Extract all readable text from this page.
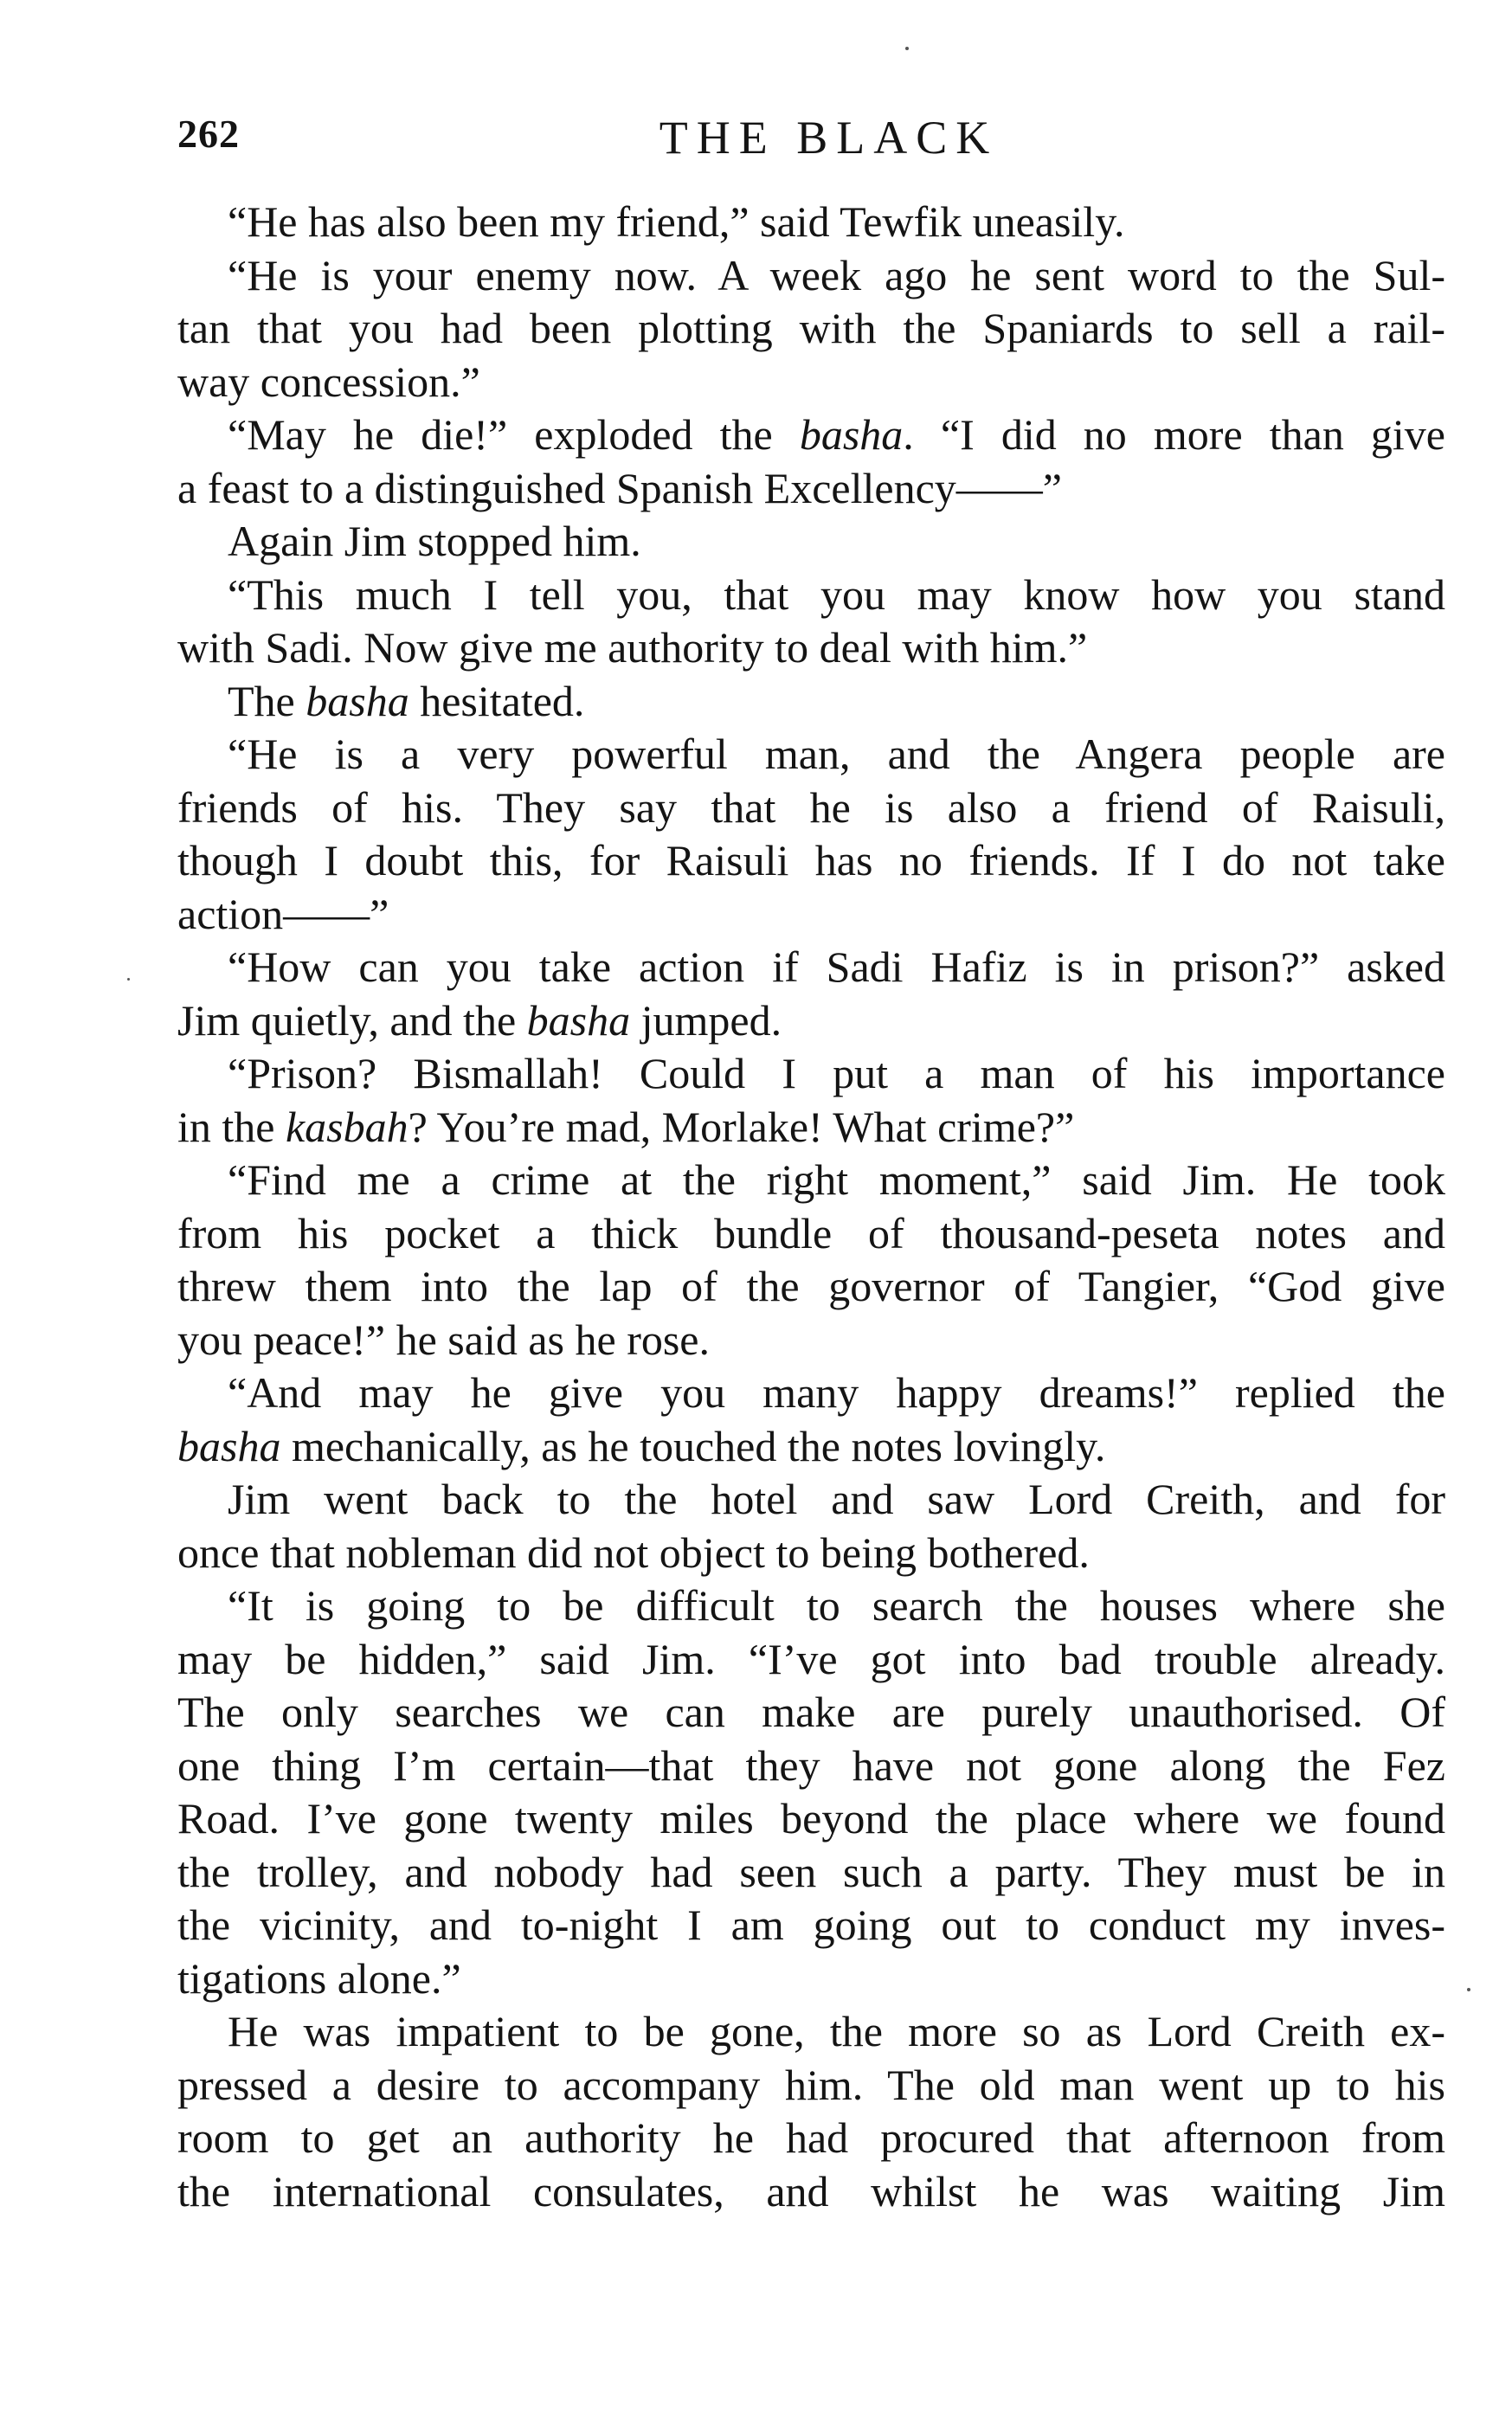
262	THE BLACK
“He has also been my friend,” said Tewfik uneasily.
“He is your enemy now. A week ago he sent word to the Sul-
tan that you had been plotting with the Spaniards to sell a rail-
way concession.”
“May he die!” exploded the basha. “I did no more than give
a feast to a distinguished Spanish Excellency——”
Again Jim stopped him.
“This much I tell you, that you may know how you stand
with Sadi. Now give me authority to deal with him.”
The basha hesitated.
“He is a very powerful man, and the Angera people are
friends of his. They say that he is also a friend of Raisuli,
though I doubt this, for Raisuli has no friends. If I do not take
action——”
“How can you take action if Sadi Hafiz is in prison?” asked
Jim quietly, and the basha jumped.
“Prison? Bismallah! Could I put a man of his importance
in the kasbah? You’re mad, Morlake! What crime?”
“Find me a crime at the right moment,” said Jim. He took
from his pocket a thick bundle of thousand-peseta notes and
threw them into the lap of the governor of Tangier, “God give
you peace!” he said as he rose.
“And may he give you many happy dreams!” replied the
basha mechanically, as he touched the notes lovingly.
Jim went back to the hotel and saw Lord Creith, and for
once that nobleman did not object to being bothered.
“It is going to be difficult to search the houses where she
may be hidden,” said Jim. “I’ve got into bad trouble already.
The only searches we can make are purely unauthorised. Of
one thing I’m certain—that they have not gone along the Fez
Road. I’ve gone twenty miles beyond the place where we found
the trolley, and nobody had seen such a party. They must be in
the vicinity, and to-night I am going out to conduct my inves-
tigations alone.”
He was impatient to be gone, the more so as Lord Creith ex-
pressed a desire to accompany him. The old man went up to his
room to get an authority he had procured that afternoon from
the international consulates, and whilst he was waiting Jim
